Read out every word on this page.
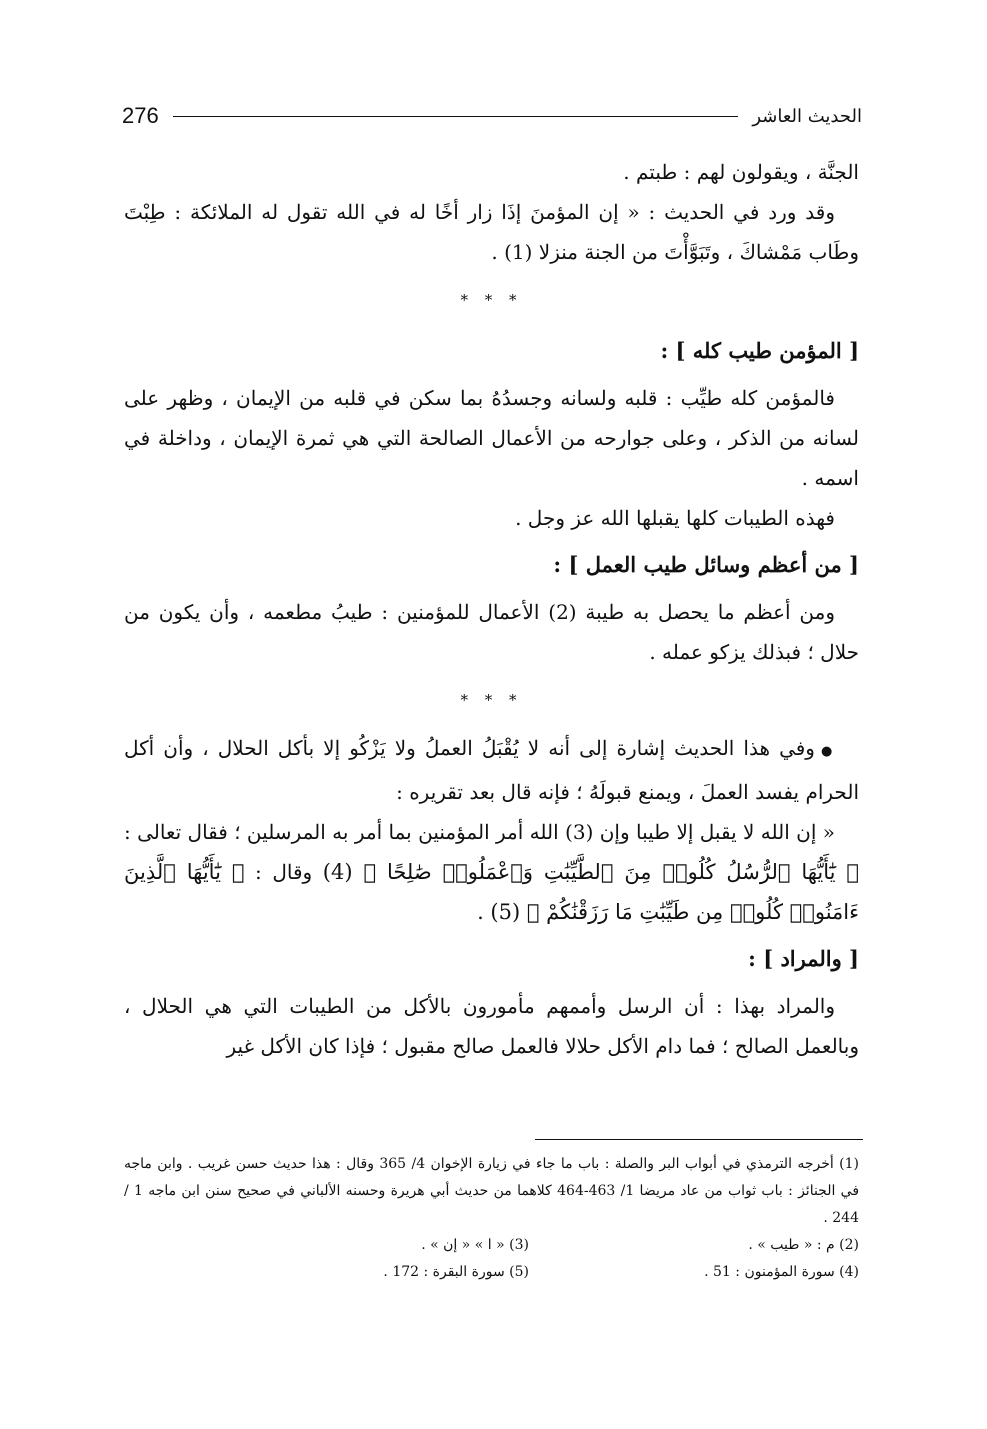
276	الحديث العاشر

الجنَّة ، ويقولون لهم : طبتم .

وقد ورد في الحديث : « إن المؤمنَ إذَا زار أخًا له في الله تقول له الملائكة : طِبْتَ وطَاب مَمْشاكَ ، وتَبَوَّأْتَ من الجنة منزلا (1) .

* * *

[ المؤمن طيب كله ] :

فالمؤمن كله طيِّب : قلبه ولسانه وجسدُهُ بما سكن في قلبه من الإيمان ، وظهر على لسانه من الذكر ، وعلى جوارحه من الأعمال الصالحة التي هي ثمرة الإيمان ، وداخلة في اسمه .

فهذه الطيبات كلها يقبلها الله عز وجل .

[ من أعظم وسائل طيب العمل ] :

ومن أعظم ما يحصل به طيبة (2) الأعمال للمؤمنين : طيبُ مطعمه ، وأن يكون من حلال ؛ فبذلك يزكو عمله .

* * *

● وفي هذا الحديث إشارة إلى أنه لا يُقْبَلُ العملُ ولا يَزْكُو إلا بأكل الحلال ، وأن أكل الحرام يفسد العملَ ، ويمنع قبولَهُ ؛ فإنه قال بعد تقريره :

« إن الله لا يقبل إلا طيبا وإن (3) الله أمر المؤمنين بما أمر به المرسلين ؛ فقال تعالى : ﴿ يَٰٓأَيُّهَا ٱلرُّسُلُ كُلُوا۟ مِنَ ٱلطَّيِّبَٰتِ وَٱعْمَلُوا۟ صَٰلِحًا ﴾ (4) وقال : ﴿ يَٰٓأَيُّهَا ٱلَّذِينَ ءَامَنُوا۟ كُلُوا۟ مِن طَيِّبَٰتِ مَا رَزَقْنَٰكُمْ ﴾ (5) .

[ والمراد ] :

والمراد بهذا : أن الرسل وأممهم مأمورون بالأكل من الطيبات التي هي الحلال ، وبالعمل الصالح ؛ فما دام الأكل حلالا فالعمل صالح مقبول ؛ فإذا كان الأكل غير

(1) أخرجه الترمذي في أبواب البر والصلة : باب ما جاء في زيارة الإخوان 4/ 365 وقال : هذا حديث حسن غريب . وابن ماجه في الجنائز : باب ثواب من عاد مريضا 1/ 463-464 كلاهما من حديث أبي هريرة وحسنه الألباني في صحيح سنن ابن ماجه 1 / 244 .

(2) م : « طيب » .
(3) « ا » « إن » .
(4) سورة المؤمنون : 51 .
(5) سورة البقرة : 172 .
